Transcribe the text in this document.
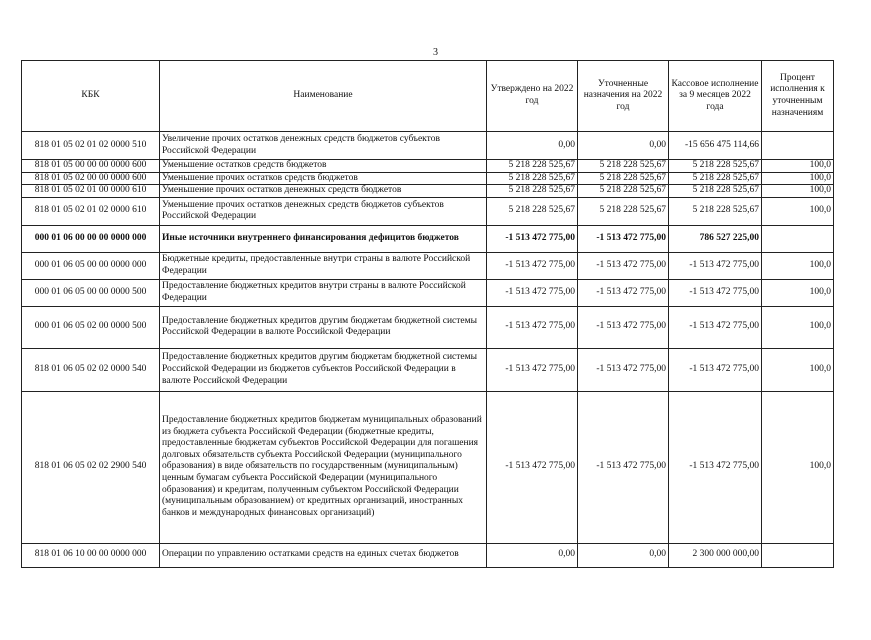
3
КБК	Наименование	Утверждено на 2022 год	Уточненные назначения на 2022 год	Кассовое исполнение за 9 месяцев 2022 года	Процент исполнения к уточненным назначениям
818 01 05 02 01 02 0000 510	Увеличение прочих остатков денежных средств бюджетов субъектов Российской Федерации	0,00	0,00	-15 656 475 114,66	
818 01 05 00 00 00 0000 600	Уменьшение остатков средств бюджетов	5 218 228 525,67	5 218 228 525,67	5 218 228 525,67	100,0
818 01 05 02 00 00 0000 600	Уменьшение прочих остатков средств бюджетов	5 218 228 525,67	5 218 228 525,67	5 218 228 525,67	100,0
818 01 05 02 01 00 0000 610	Уменьшение прочих остатков денежных средств бюджетов	5 218 228 525,67	5 218 228 525,67	5 218 228 525,67	100,0
818 01 05 02 01 02 0000 610	Уменьшение прочих остатков денежных средств бюджетов субъектов Российской Федерации	5 218 228 525,67	5 218 228 525,67	5 218 228 525,67	100,0
000 01 06 00 00 00 0000 000	Иные источники внутреннего финансирования дефицитов бюджетов	-1 513 472 775,00	-1 513 472 775,00	786 527 225,00	
000 01 06 05 00 00 0000 000	Бюджетные кредиты, предоставленные внутри страны в валюте Российской Федерации	-1 513 472 775,00	-1 513 472 775,00	-1 513 472 775,00	100,0
000 01 06 05 00 00 0000 500	Предоставление бюджетных кредитов внутри страны в валюте Российской Федерации	-1 513 472 775,00	-1 513 472 775,00	-1 513 472 775,00	100,0
000 01 06 05 02 00 0000 500	Предоставление бюджетных кредитов другим бюджетам бюджетной системы Российской Федерации в валюте Российской Федерации	-1 513 472 775,00	-1 513 472 775,00	-1 513 472 775,00	100,0
818 01 06 05 02 02 0000 540	Предоставление бюджетных кредитов другим бюджетам бюджетной системы Российской Федерации из бюджетов субъектов Российской Федерации в валюте Российской Федерации	-1 513 472 775,00	-1 513 472 775,00	-1 513 472 775,00	100,0
818 01 06 05 02 02 2900 540	Предоставление бюджетных кредитов бюджетам муниципальных образований из бюджета субъекта Российской Федерации (бюджетные кредиты, предоставленные бюджетам субъектов Российской Федерации для погашения долговых обязательств субъекта Российской Федерации (муниципального образования) в виде обязательств по государственным (муниципальным) ценным бумагам субъекта Российской Федерации (муниципального образования) и кредитам, полученным субъектом Российской Федерации (муниципальным образованием) от кредитных организаций, иностранных банков и международных финансовых организаций)	-1 513 472 775,00	-1 513 472 775,00	-1 513 472 775,00	100,0
818 01 06 10 00 00 0000 000	Операции по управлению остатками средств на единых счетах бюджетов	0,00	0,00	2 300 000 000,00	
